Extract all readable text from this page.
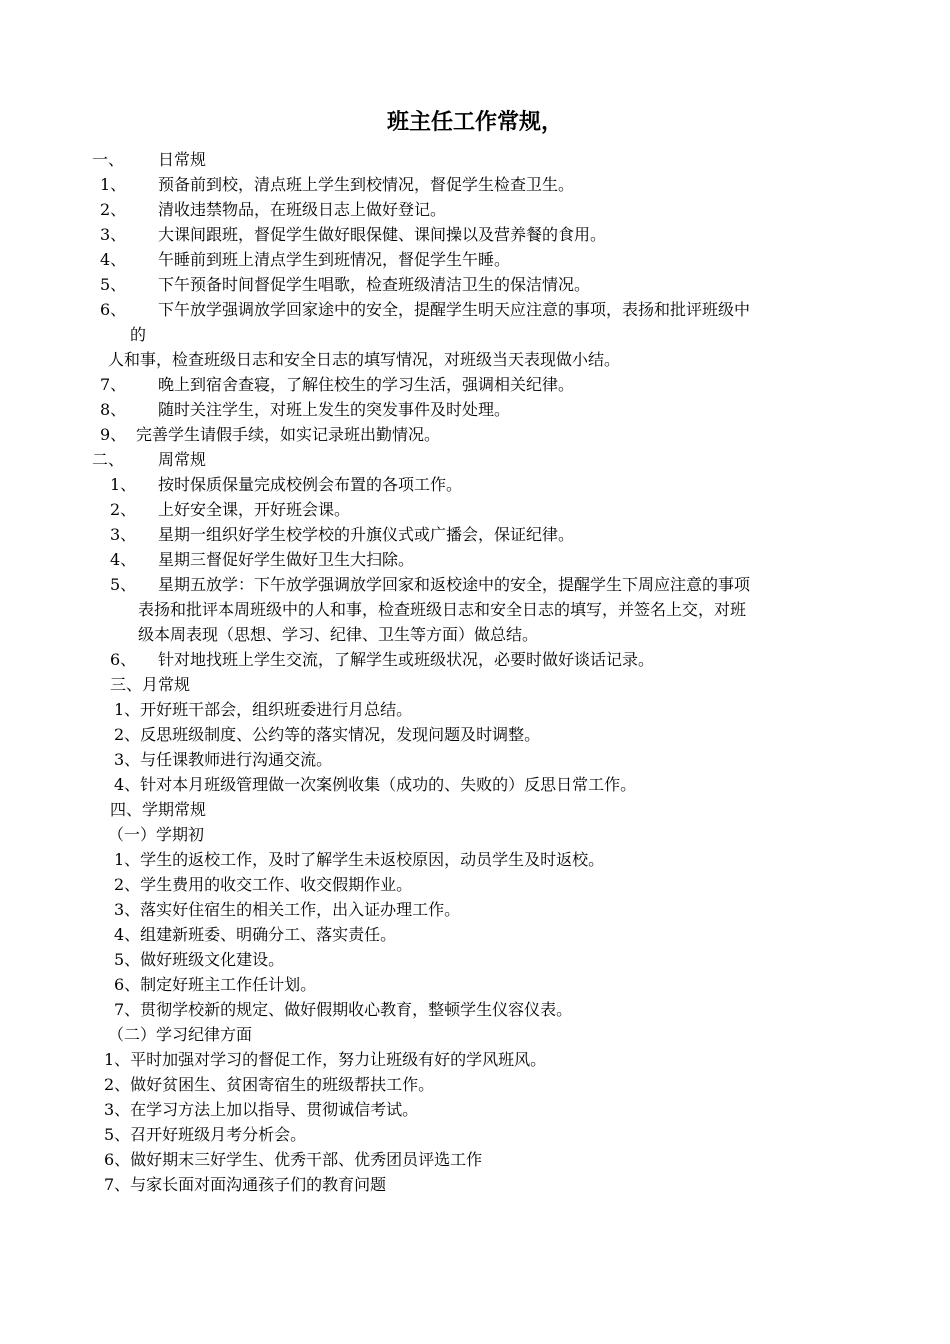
班主任工作常规，
一、 日常规
1、 预备前到校，清点班上学生到校情况，督促学生检查卫生。
2、 清收违禁物品，在班级日志上做好登记。
3、 大课间跟班，督促学生做好眼保健、课间操以及营养餐的食用。
4、 午睡前到班上清点学生到班情况，督促学生午睡。
5、 下午预备时间督促学生唱歌，检查班级清洁卫生的保洁情况。
6、 下午放学强调放学回家途中的安全，提醒学生明天应注意的事项，表扬和批评班级中
的
人和事，检查班级日志和安全日志的填写情况，对班级当天表现做小结。
7、 晚上到宿舍查寝，了解住校生的学习生活，强调相关纪律。
8、 随时关注学生，对班上发生的突发事件及时处理。
9、 完善学生请假手续，如实记录班出勤情况。
二、 周常规
1、 按时保质保量完成校例会布置的各项工作。
2、 上好安全课，开好班会课。
3、 星期一组织好学生校学校的升旗仪式或广播会，保证纪律。
4、 星期三督促好学生做好卫生大扫除。
5、 星期五放学：下午放学强调放学回家和返校途中的安全，提醒学生下周应注意的事项
表扬和批评本周班级中的人和事，检查班级日志和安全日志的填写，并签名上交，对班
级本周表现（思想、学习、纪律、卫生等方面）做总结。
6、 针对地找班上学生交流，了解学生或班级状况，必要时做好谈话记录。
三、月常规
1、开好班干部会，组织班委进行月总结。
2、反思班级制度、公约等的落实情况，发现问题及时调整。
3、与任课教师进行沟通交流。
4、针对本月班级管理做一次案例收集（成功的、失败的）反思日常工作。
四、学期常规
（一）学期初
1、学生的返校工作，及时了解学生未返校原因，动员学生及时返校。
2、学生费用的收交工作、收交假期作业。
3、落实好住宿生的相关工作，出入证办理工作。
4、组建新班委、明确分工、落实责任。
5、做好班级文化建设。
6、制定好班主工作任计划。
7、贯彻学校新的规定、做好假期收心教育，整顿学生仪容仪表。
（二）学习纪律方面
1、平时加强对学习的督促工作，努力让班级有好的学风班风。
2、做好贫困生、贫困寄宿生的班级帮扶工作。
3、在学习方法上加以指导、贯彻诚信考试。
5、召开好班级月考分析会。
6、做好期末三好学生、优秀干部、优秀团员评选工作
7、与家长面对面沟通孩子们的教育问题
